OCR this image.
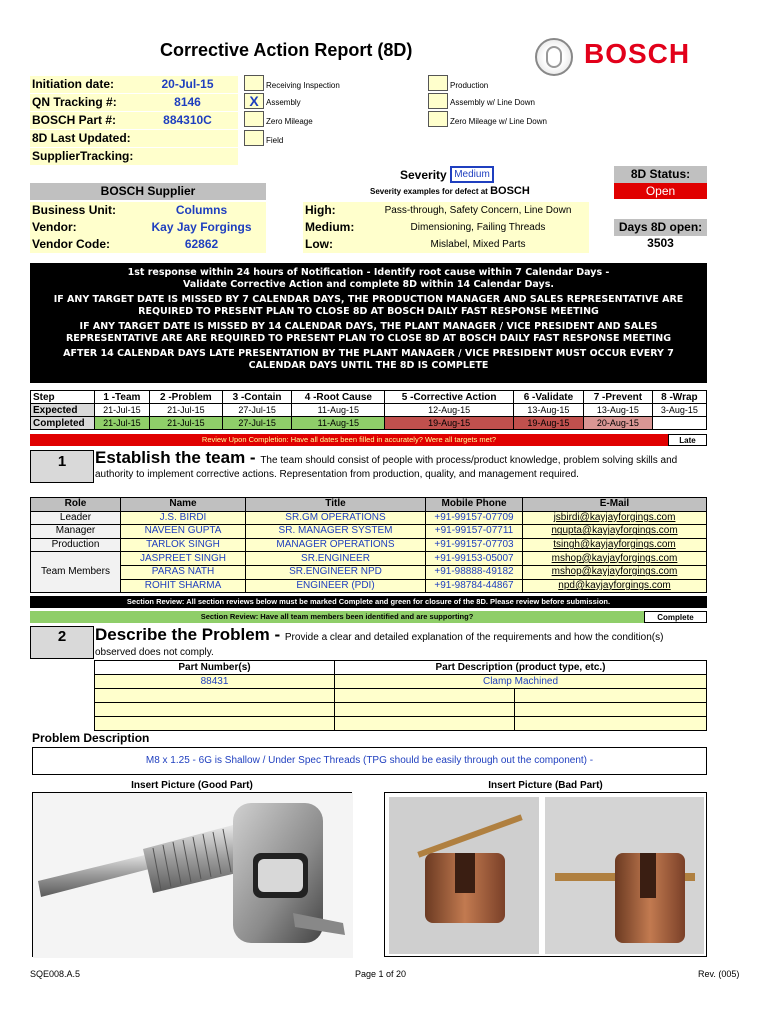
Corrective Action Report (8D)	BOSCH
Initiation date:	20-Jul-15
QN Tracking #:	8146
BOSCH Part #:	884310C
8D Last Updated:
SupplierTracking:
Receiving Inspection
X Assembly
Zero Mileage
Field
Production
Assembly w/ Line Down
Zero Mileage w/ Line Down
Severity Medium
Severity examples for defect at BOSCH
High:	Pass-through, Safety Concern, Line Down
Medium:	Dimensioning, Failing Threads
Low:	Mislabel, Mixed Parts
8D Status:
Open
Days 8D open:
3503
BOSCH Supplier
Business Unit:	Columns
Vendor:	Kay Jay Forgings
Vendor Code:	62862
1st response within 24 hours of Notification - Identify root cause within 7 Calendar Days -

Validate Corrective Action and complete 8D within 14 Calendar Days.

IF ANY TARGET DATE IS MISSED BY 7 CALENDAR DAYS, THE PRODUCTION MANAGER AND SALES REPRESENTATIVE ARE REQUIRED TO PRESENT PLAN TO CLOSE 8D AT BOSCH DAILY FAST RESPONSE MEETING

IF ANY TARGET DATE IS MISSED BY 14 CALENDAR DAYS, THE PLANT MANAGER / VICE PRESIDENT AND SALES REPRESENTATIVE ARE ARE REQUIRED TO PRESENT PLAN TO CLOSE 8D AT BOSCH DAILY FAST RESPONSE MEETING

AFTER 14 CALENDAR DAYS LATE PRESENTATION BY THE PLANT MANAGER / VICE PRESIDENT MUST OCCUR EVERY 7 CALENDAR DAYS UNTIL THE 8D IS COMPLETE

Step	1 -Team	2 -Problem	3 -Contain	4 -Root Cause	5 -Corrective Action	6 -Validate	7 -Prevent	8 -Wrap
Expected	21-Jul-15	21-Jul-15	27-Jul-15	11-Aug-15	12-Aug-15	13-Aug-15	13-Aug-15	3-Aug-15
Completed	21-Jul-15	21-Jul-15	27-Jul-15	11-Aug-15	19-Aug-15	19-Aug-15	20-Aug-15	
Review Upon Completion: Have all dates been filled in accurately? Were all targets met?	Late
1	Establish the team - The team should consist of people with process/product knowledge, problem solving skills and authority to implement corrective actions. Representation from production, quality, and management required.
Role	Name	Title	Mobile Phone	E-Mail
Leader	J.S. BIRDI	SR.GM OPERATIONS	+91-99157-07709	jsbirdi@kayjayforgings.com
Manager	NAVEEN GUPTA	SR. MANAGER SYSTEM	+91-99157-07711	ngupta@kayjayforgings.com
Production	TARLOK SINGH	MANAGER OPERATIONS	+91-99157-07703	tsingh@kayjayforgings.com
	JASPREET SINGH	SR.ENGINEER	+91-99153-05007	mshop@kayjayforgings.com
Team Members	PARAS NATH	SR.ENGINEER NPD	+91-98888-49182	mshop@kayjayforgings.com
	ROHIT SHARMA	ENGINEER (PDI)	+91-98784-44867	npd@kayjayforgings.com
Section Review: All section reviews below must be marked Complete and green for closure of the 8D. Please review before submission.
Section Review: Have all team members been identified and are supporting?	Complete
2	Describe the Problem - Provide a clear and detailed explanation of the requirements and how the condition(s) observed does not comply.
Part Number(s)	Part Description (product type, etc.)	
88431	Clamp Machined	

Problem Description
M8 x 1.25 - 6G is Shallow / Under Spec Threads (TPG should be easily through out the component) -
Insert Picture (Good Part)	Insert Picture (Bad Part)
SQE008.A.5	Page 1 of 20	Rev. (005)
